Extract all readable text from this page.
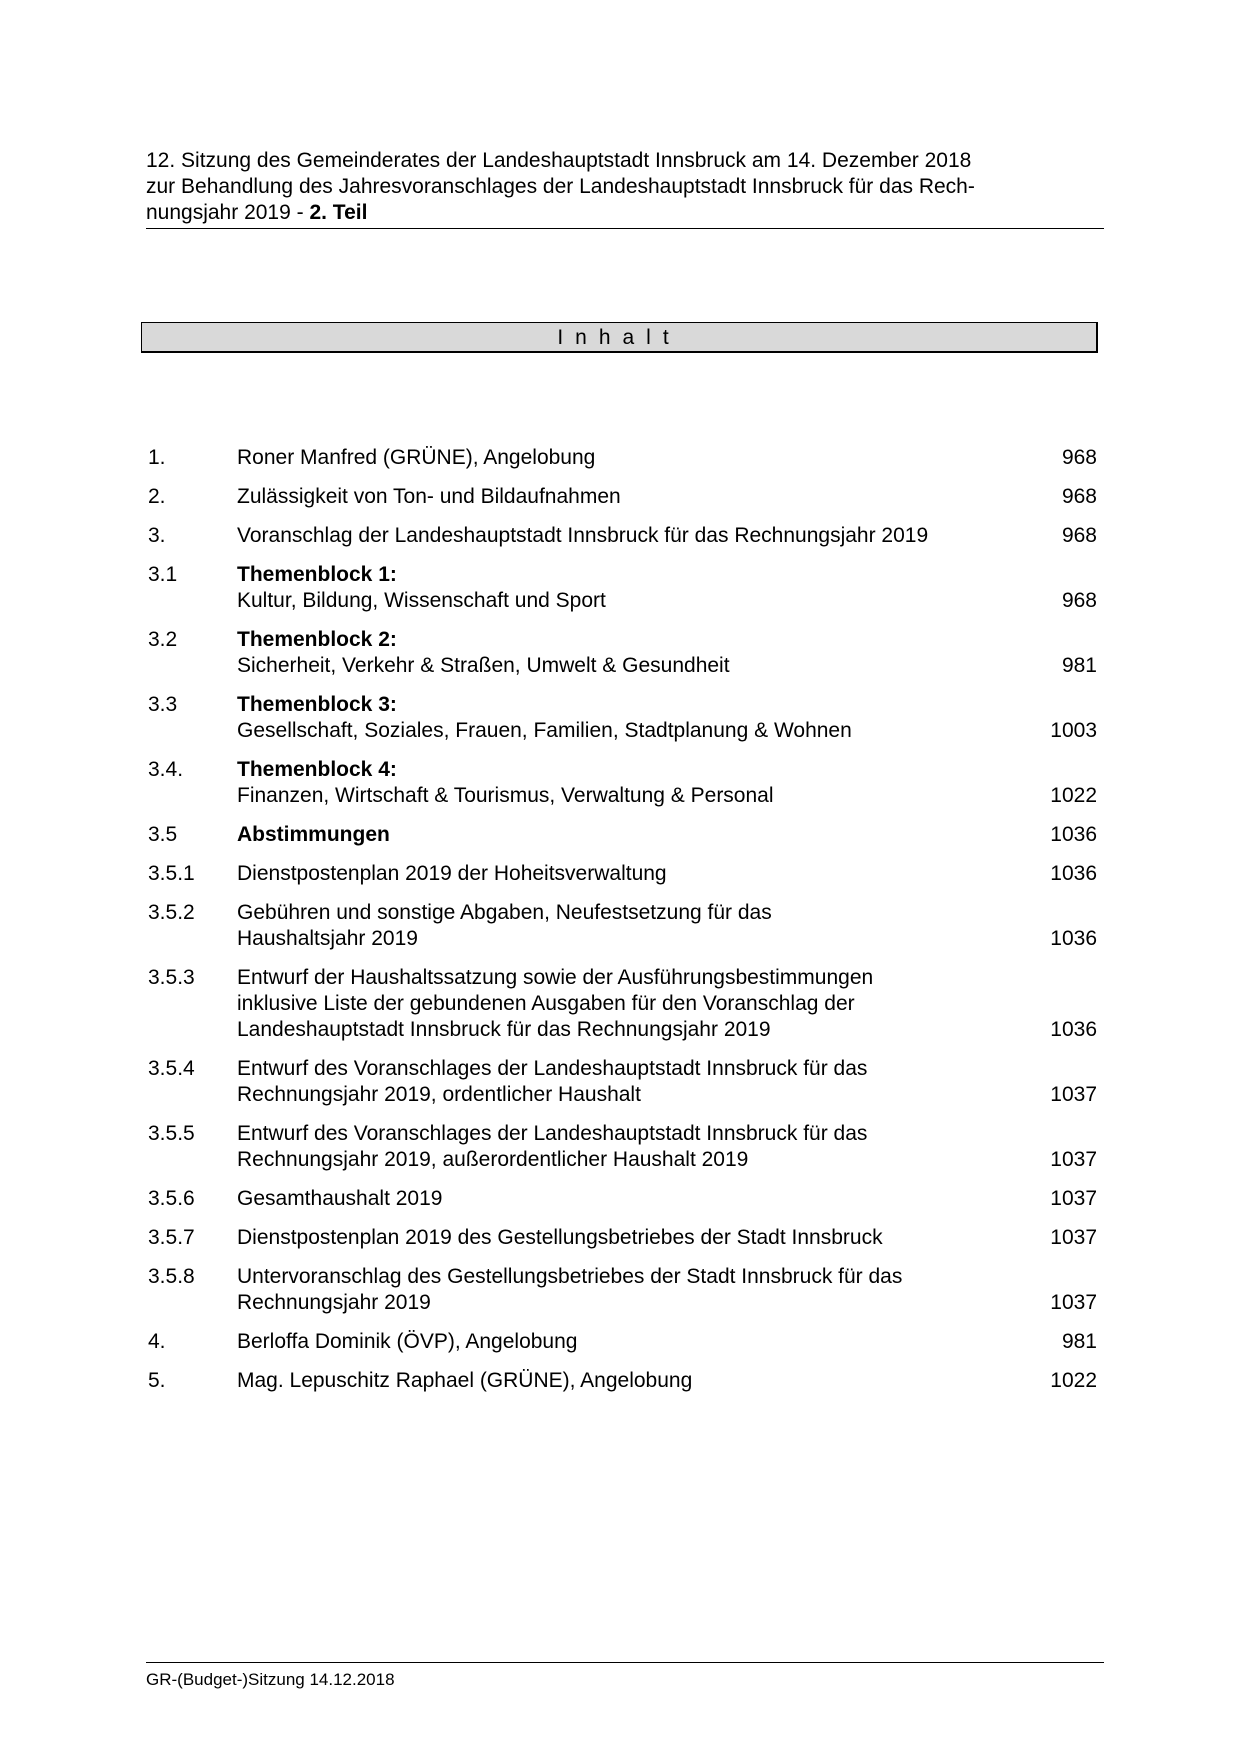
12. Sitzung des Gemeinderates der Landeshauptstadt Innsbruck am 14. Dezember 2018
zur Behandlung des Jahresvoranschlages der Landeshauptstadt Innsbruck für das Rech-
nungsjahr 2019 - 2. Teil
Inhalt
1.	Roner Manfred (GRÜNE), Angelobung	968
2.	Zulässigkeit von Ton- und Bildaufnahmen	968
3.	Voranschlag der Landeshauptstadt Innsbruck für das Rechnungsjahr 2019	968
3.1	Themenblock 1:
Kultur, Bildung, Wissenschaft und Sport	968
3.2	Themenblock 2:
Sicherheit, Verkehr & Straßen, Umwelt & Gesundheit	981
3.3	Themenblock 3:
Gesellschaft, Soziales, Frauen, Familien, Stadtplanung & Wohnen	1003
3.4.	Themenblock 4:
Finanzen, Wirtschaft & Tourismus, Verwaltung & Personal	1022
3.5	Abstimmungen	1036
3.5.1	Dienstpostenplan 2019 der Hoheitsverwaltung	1036
3.5.2	Gebühren und sonstige Abgaben, Neufestsetzung für das
Haushaltsjahr 2019	1036
3.5.3	Entwurf der Haushaltssatzung sowie der Ausführungsbestimmungen
inklusive Liste der gebundenen Ausgaben für den Voranschlag der
Landeshauptstadt Innsbruck für das Rechnungsjahr 2019	1036
3.5.4	Entwurf des Voranschlages der Landeshauptstadt Innsbruck für das
Rechnungsjahr 2019, ordentlicher Haushalt	1037
3.5.5	Entwurf des Voranschlages der Landeshauptstadt Innsbruck für das
Rechnungsjahr 2019, außerordentlicher Haushalt 2019	1037
3.5.6	Gesamthaushalt 2019	1037
3.5.7	Dienstpostenplan 2019 des Gestellungsbetriebes der Stadt Innsbruck	1037
3.5.8	Untervoranschlag des Gestellungsbetriebes der Stadt Innsbruck für das
Rechnungsjahr 2019	1037
4.	Berloffa Dominik (ÖVP), Angelobung	981
5.	Mag. Lepuschitz Raphael (GRÜNE), Angelobung	1022
GR-(Budget-)Sitzung 14.12.2018
